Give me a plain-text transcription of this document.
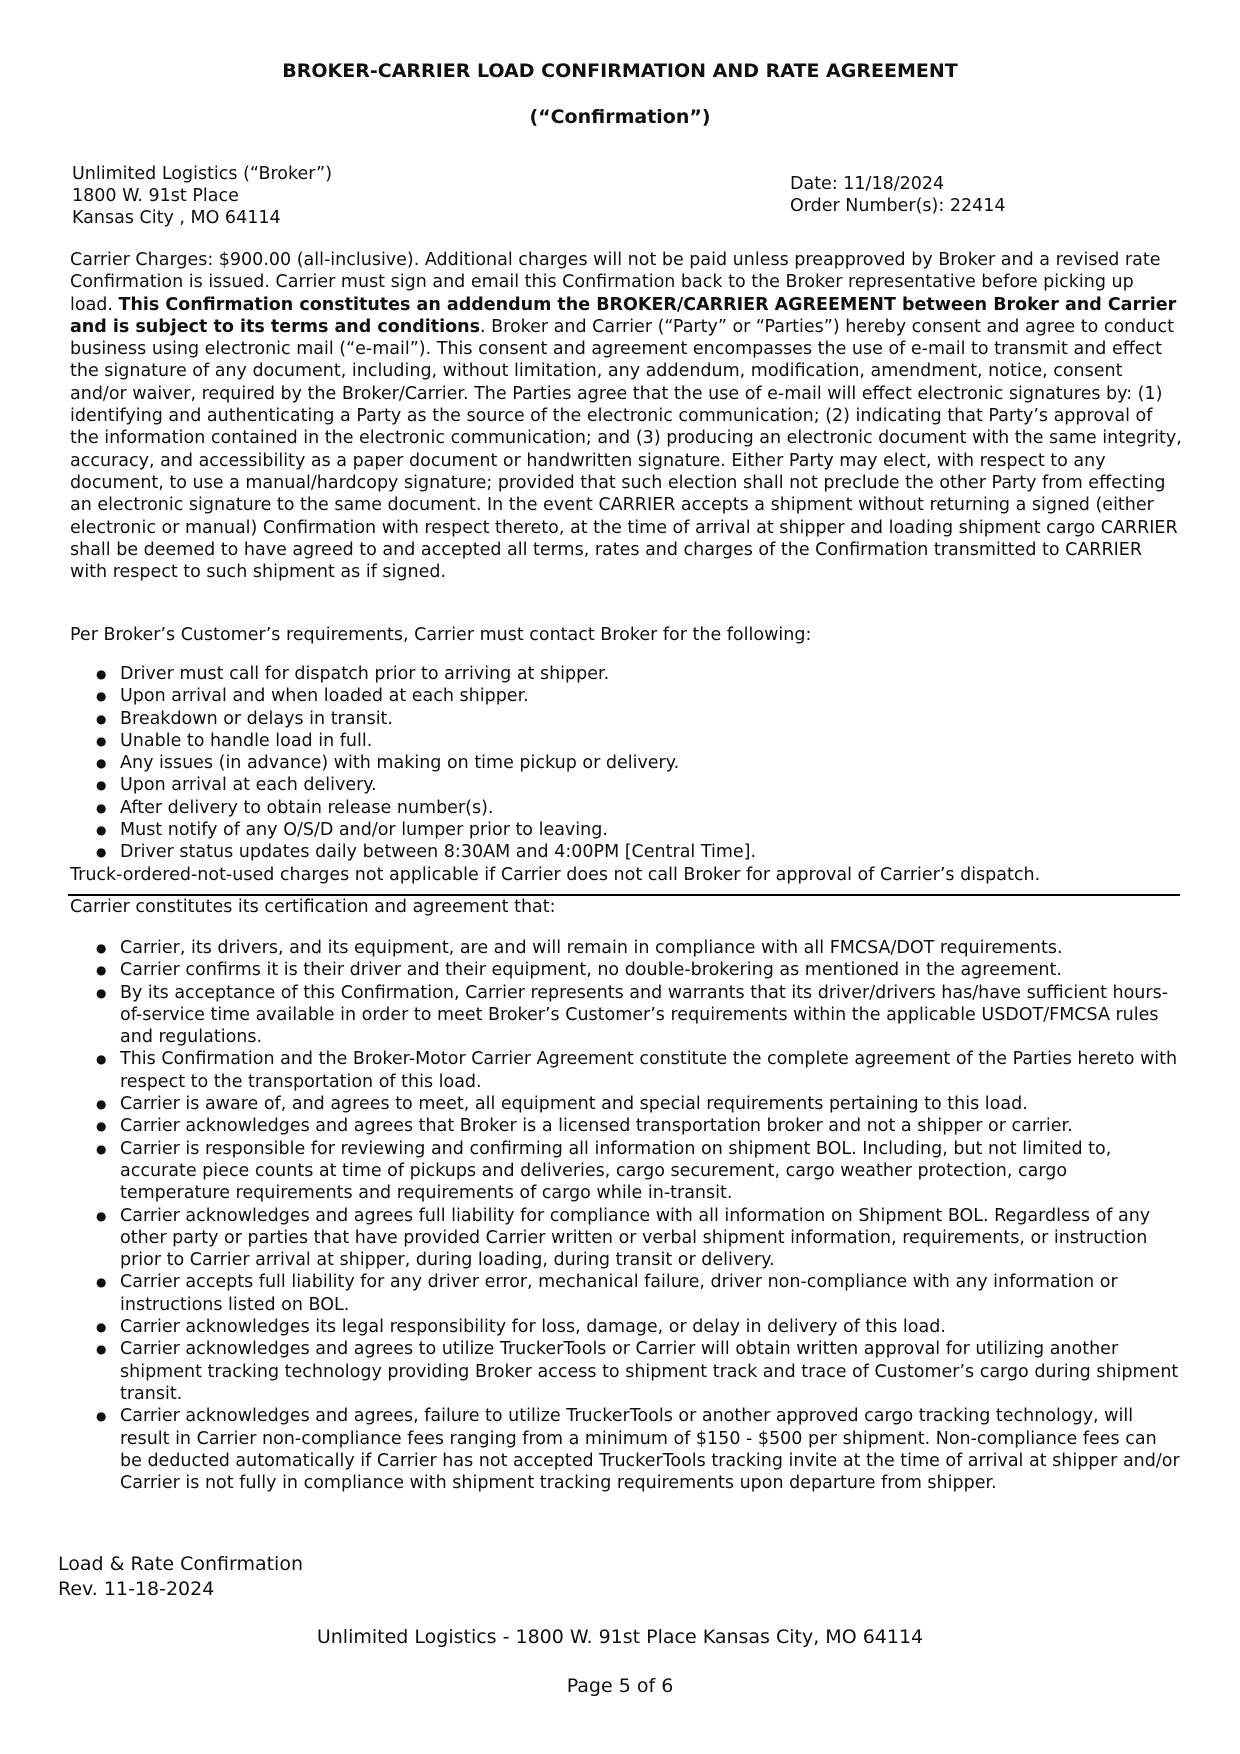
BROKER-CARRIER LOAD CONFIRMATION AND RATE AGREEMENT
(“Confirmation”)
Unlimited Logistics (“Broker”)
1800 W. 91st Place
Kansas City , MO 64114
Date: 11/18/2024
Order Number(s): 22414
Carrier Charges: $900.00 (all-inclusive). Additional charges will not be paid unless preapproved by Broker and a revised rate Confirmation is issued. Carrier must sign and email this Confirmation back to the Broker representative before picking up load. This Confirmation constitutes an addendum the BROKER/CARRIER AGREEMENT between Broker and Carrier and is subject to its terms and conditions. Broker and Carrier (“Party” or “Parties”) hereby consent and agree to conduct business using electronic mail (“e-mail”). This consent and agreement encompasses the use of e-mail to transmit and effect the signature of any document, including, without limitation, any addendum, modification, amendment, notice, consent and/or waiver, required by the Broker/Carrier. The Parties agree that the use of e-mail will effect electronic signatures by: (1) identifying and authenticating a Party as the source of the electronic communication; (2) indicating that Party’s approval of the information contained in the electronic communication; and (3) producing an electronic document with the same integrity, accuracy, and accessibility as a paper document or handwritten signature. Either Party may elect, with respect to any document, to use a manual/hardcopy signature; provided that such election shall not preclude the other Party from effecting an electronic signature to the same document. In the event CARRIER accepts a shipment without returning a signed (either electronic or manual) Confirmation with respect thereto, at the time of arrival at shipper and loading shipment cargo CARRIER shall be deemed to have agreed to and accepted all terms, rates and charges of the Confirmation transmitted to CARRIER with respect to such shipment as if signed.
Per Broker’s Customer’s requirements, Carrier must contact Broker for the following:
● Driver must call for dispatch prior to arriving at shipper.
● Upon arrival and when loaded at each shipper.
● Breakdown or delays in transit.
● Unable to handle load in full.
● Any issues (in advance) with making on time pickup or delivery.
● Upon arrival at each delivery.
● After delivery to obtain release number(s).
● Must notify of any O/S/D and/or lumper prior to leaving.
● Driver status updates daily between 8:30AM and 4:00PM [Central Time].
Truck-ordered-not-used charges not applicable if Carrier does not call Broker for approval of Carrier’s dispatch.
Carrier constitutes its certification and agreement that:
● Carrier, its drivers, and its equipment, are and will remain in compliance with all FMCSA/DOT requirements.
● Carrier confirms it is their driver and their equipment, no double-brokering as mentioned in the agreement.
● By its acceptance of this Confirmation, Carrier represents and warrants that its driver/drivers has/have sufficient hours-of-service time available in order to meet Broker’s Customer’s requirements within the applicable USDOT/FMCSA rules and regulations.
● This Confirmation and the Broker-Motor Carrier Agreement constitute the complete agreement of the Parties hereto with respect to the transportation of this load.
● Carrier is aware of, and agrees to meet, all equipment and special requirements pertaining to this load.
● Carrier acknowledges and agrees that Broker is a licensed transportation broker and not a shipper or carrier.
● Carrier is responsible for reviewing and confirming all information on shipment BOL. Including, but not limited to, accurate piece counts at time of pickups and deliveries, cargo securement, cargo weather protection, cargo temperature requirements and requirements of cargo while in-transit.
● Carrier acknowledges and agrees full liability for compliance with all information on Shipment BOL. Regardless of any other party or parties that have provided Carrier written or verbal shipment information, requirements, or instruction prior to Carrier arrival at shipper, during loading, during transit or delivery.
● Carrier accepts full liability for any driver error, mechanical failure, driver non-compliance with any information or instructions listed on BOL.
● Carrier acknowledges its legal responsibility for loss, damage, or delay in delivery of this load.
● Carrier acknowledges and agrees to utilize TruckerTools or Carrier will obtain written approval for utilizing another shipment tracking technology providing Broker access to shipment track and trace of Customer’s cargo during shipment transit.
● Carrier acknowledges and agrees, failure to utilize TruckerTools or another approved cargo tracking technology, will result in Carrier non-compliance fees ranging from a minimum of $150 - $500 per shipment. Non-compliance fees can be deducted automatically if Carrier has not accepted TruckerTools tracking invite at the time of arrival at shipper and/or Carrier is not fully in compliance with shipment tracking requirements upon departure from shipper.
Load & Rate Confirmation
Rev. 11-18-2024
Unlimited Logistics - 1800 W. 91st Place Kansas City, MO 64114
Page 5 of 6
